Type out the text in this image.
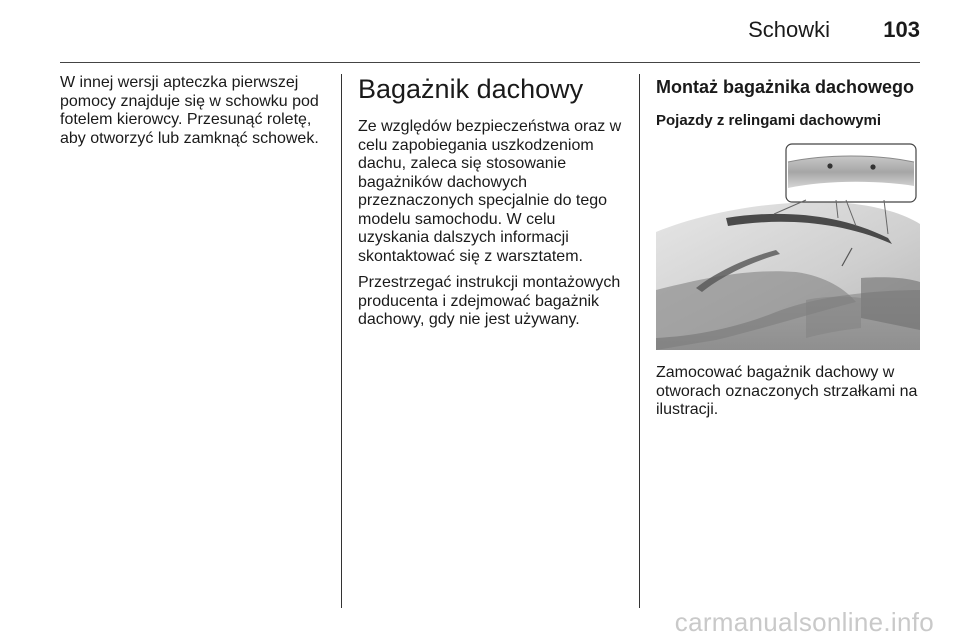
Schowki 103

W innej wersji apteczka pierwszej pomocy znajduje się w schowku pod fotelem kierowcy. Przesunąć roletę, aby otworzyć lub zamknąć schowek.

Bagażnik dachowy

Ze względów bezpieczeństwa oraz w celu zapobiegania uszkodzeniom dachu, zaleca się stosowanie bagażników dachowych przeznaczonych specjalnie do tego modelu samochodu. W celu uzyskania dalszych informacji skontaktować się z warsztatem.

Przestrzegać instrukcji montażowych producenta i zdejmować bagażnik dachowy, gdy nie jest używany.

Montaż bagażnika dachowego
Pojazdy z relingami dachowymi

Zamocować bagażnik dachowy w otworach oznaczonych strzałkami na ilustracji.

carmanualsonline.info
